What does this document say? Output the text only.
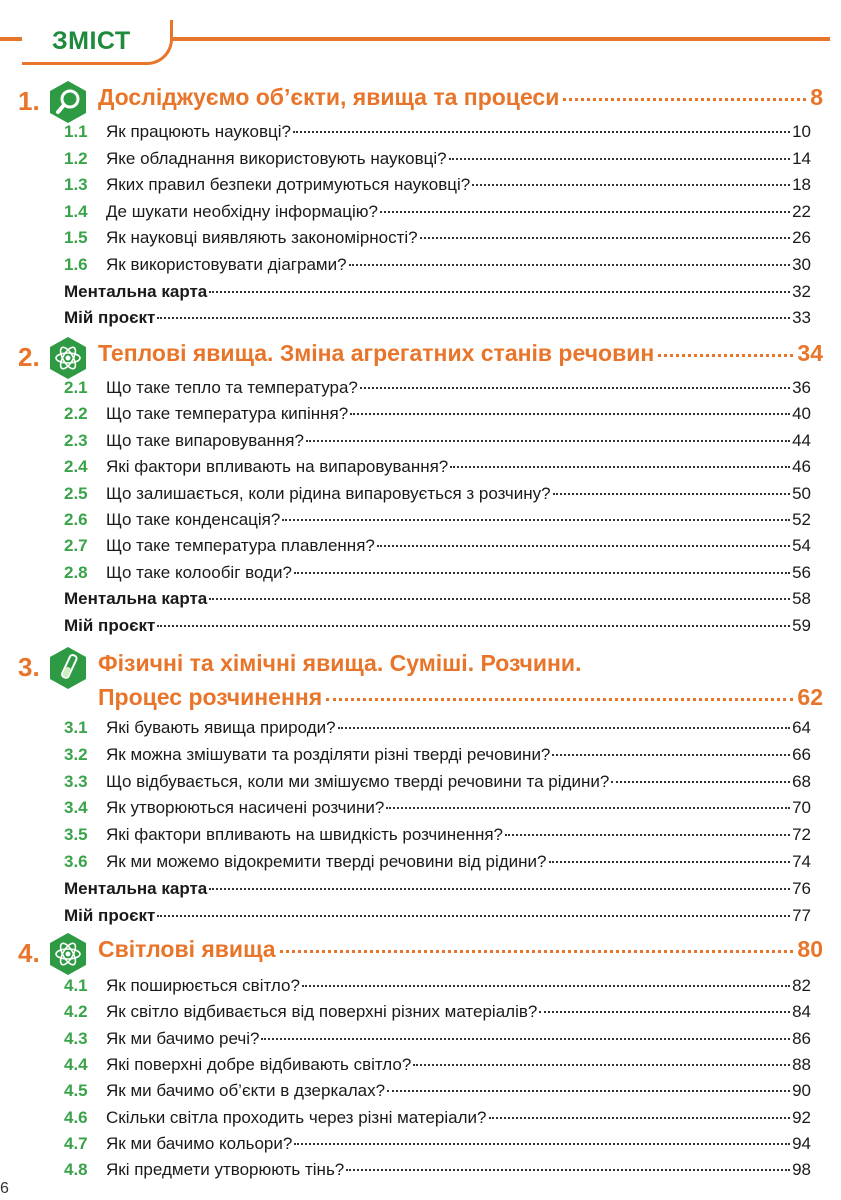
ЗМІСТ
1.	Досліджуємо об’єкти, явища та процеси	8
1.1	Як працюють науковці?	10
1.2	Яке обладнання використовують науковці?	14
1.3	Яких правил безпеки дотримуються науковці?	18
1.4	Де шукати необхідну інформацію?	22
1.5	Як науковці виявляють закономірності?	26
1.6	Як використовувати діаграми?	30
Ментальна карта	32
Мій проєкт	33
2.	Теплові явища. Зміна агрегатних станів речовин	34
2.1	Що таке тепло та температура?	36
2.2	Що таке температура кипіння?	40
2.3	Що таке випаровування?	44
2.4	Які фактори впливають на випаровування?	46
2.5	Що залишається, коли рідина випаровується з розчину?	50
2.6	Що таке конденсація?	52
2.7	Що таке температура плавлення?	54
2.8	Що таке колообіг води?	56
Ментальна карта	58
Мій проєкт	59
3.	Фізичні та хімічні явища. Суміші. Розчини.
Процес розчинення	62
3.1	Які бувають явища природи?	64
3.2	Як можна змішувати та розділяти різні тверді речовини?	66
3.3	Що відбувається, коли ми змішуємо тверді речовини та рідини?	68
3.4	Як утворюються насичені розчини?	70
3.5	Які фактори впливають на швидкість розчинення?	72
3.6	Як ми можемо відокремити тверді речовини від рідини?	74
Ментальна карта	76
Мій проєкт	77
4.	Світлові явища	80
4.1	Як поширюється світло?	82
4.2	Як світло відбивається від поверхні різних матеріалів?	84
4.3	Як ми бачимо речі?	86
4.4	Які поверхні добре відбивають світло?	88
4.5	Як ми бачимо об’єкти в дзеркалах?	90
4.6	Скільки світла проходить через різні матеріали?	92
4.7	Як ми бачимо кольори?	94
4.8	Які предмети утворюють тінь?	98
6
